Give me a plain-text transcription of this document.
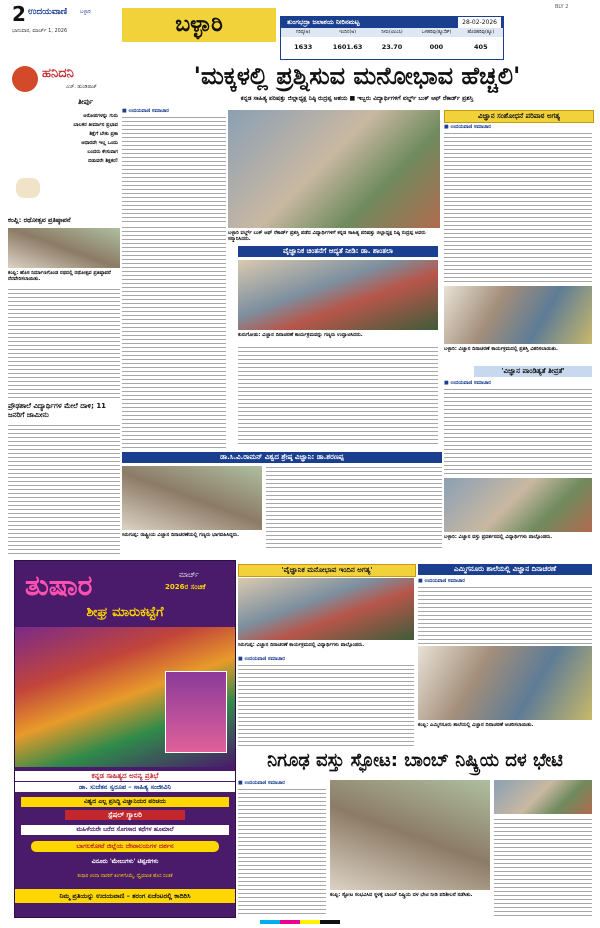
2 ಉದಯವಾಣಿ	ಬಳ್ಳಾರಿ
ಭಾನುವಾರ, ಮಾರ್ಚ್ 1, 2026	ಬಳ್ಳಾರಿ
BLY 2
ತುಂಗಭದ್ರಾ ಜಲಾಶಯ ನೀರಿನಮಟ್ಟ	28-02-2026
ಗರಿಷ್ಠ(ಅ)	ಇಂದಿನ(ಅ)	ನೀರು(ಟಿಎಂಸಿ)	ಒಳಹರಿವು(ಕ್ಯೂಸೆಕ್)	ಹೊರಹರಿವು(ಕ್ಯೂ)
1633	1601.63	23.70	000	405
ಹನಿದನಿ
ಎಚ್. ಡುಂಡಿರಾಜ್
ತೀರ್ಪು
ಆರೋಪಗಳನ್ನು ಗುರು
ಬಾಲಕರ ತೀರ್ಮಾನ ಪ್ರಭಾವ
ಶಿಕ್ಷೆಗೆ ಬೇಕು ಪ್ರಕಾ
ಆಧಾರವೇ ಇಲ್ಲ ಒಂದು
ಬಂದರು ಕೇಸುವಾಗ
ಬಿಡುವರೇ ಶಿಕ್ಷಕರ!
ಕಂಪ್ಲಿ: ರಥೋತ್ಸವ ಪ್ರತಿಷ್ಠಾಪನೆ
ಕಂಪ್ಲಿ: ಹೊಸ ನಿರ್ಮಾಣಗೊಂಡ ರಥದಲ್ಲಿ ರಥೋತ್ಸವ ಪ್ರತಿಷ್ಠಾಪನೆ ನೆರವೇರಿಸಲಾಯಿತು.
ಪ್ರೌಢಶಾಲೆ ವಿದ್ಯಾರ್ಥಿಗಳ ಮೇಲೆ ದಾಳಿ; 11 ಜನರಿಗೆ ಜಾಮೀನು
'ಮಕ್ಕಳಲ್ಲಿ ಪ್ರಶ್ನಿಸುವ ಮನೋಭಾವ ಹೆಚ್ಚಲಿ'
ಕನ್ನಡ ಸಾಹಿತ್ಯ ಪರಿಷತ್ತು ಜಿಲ್ಲಾಧ್ಯಕ್ಷ ನಿಷ್ಠಿ ರುದ್ರಪ್ಪ ಆಶಯ ■ ಇಬ್ಬರು ವಿದ್ಯಾರ್ಥಿಗಳಿಗೆ ವರ್ಲ್ಡ್ ಬುಕ್ ಆಫ್ ರೆಕಾರ್ಡ್ ಪ್ರಶಸ್ತಿ
■ ಉದಯವಾಣಿ ಸಮಾಚಾರ
ಬಳ್ಳಾರಿ ವರ್ಲ್ಡ್ ಬುಕ್ ಆಫ್ ರೆಕಾರ್ಡ್ ಪ್ರಶಸ್ತಿ ಪಡೆದ ವಿದ್ಯಾರ್ಥಿಗಳಿಗೆ ಕನ್ನಡ ಸಾಹಿತ್ಯ ಪರಿಷತ್ತು ಜಿಲ್ಲಾಧ್ಯಕ್ಷ ನಿಷ್ಠಿ ರುದ್ರಪ್ಪ ಅವರು ಸನ್ಮಾನಿಸಿದರು.
ವಿಜ್ಞಾನ ಸಂಶೋಧನೆ ಪರಿಪಾಠ ಅಗತ್ಯ
■ ಉದಯವಾಣಿ ಸಮಾಚಾರ
ವೈಜ್ಞಾನಿಕ ಚಿಂತನೆಗೆ ಆದ್ಯತೆ ನೀಡಿ: ಡಾ. ಶಾಂತಲಾ
ಕುರುಗೋಡು: ವಿಜ್ಞಾನ ದಿನಾಚರಣೆ ಕಾರ್ಯಕ್ರಮವನ್ನು ಗಣ್ಯರು ಉದ್ಘಾಟಿಸಿದರು.
ಬಳ್ಳಾರಿ: ವಿಜ್ಞಾನ ದಿನಾಚರಣೆ ಕಾರ್ಯಕ್ರಮದಲ್ಲಿ ಪ್ರಶಸ್ತಿ ವಿತರಿಸಲಾಯಿತು.
'ವಿಜ್ಞಾನ ಪಾಂಡಿತ್ಯತೆ ತೀವ್ರತೆ'
■ ಉದಯವಾಣಿ ಸಮಾಚಾರ
ಬಳ್ಳಾರಿ: ವಿಜ್ಞಾನ ವಸ್ತು ಪ್ರದರ್ಶನದಲ್ಲಿ ವಿದ್ಯಾರ್ಥಿಗಳು ಪಾಲ್ಗೊಂಡರು.
ಡಾ.ಸಿ.ವಿ.ರಾಮನ್ ವಿಶ್ವದ ಶ್ರೇಷ್ಠ ವಿಜ್ಞಾನಿ: ಡಾ.ಶರಣಪ್ಪ
ಸಿರುಗುಪ್ಪ: ರಾಷ್ಟ್ರೀಯ ವಿಜ್ಞಾನ ದಿನಾಚರಣೆಯಲ್ಲಿ ಗಣ್ಯರು ಭಾಗವಹಿಸಿದ್ದರು.
ತುಷಾರ	ಮಾರ್ಚ್
2026ರ ಸಂಚಿಕೆ
ಶೀಘ್ರ ಮಾರುಕಟ್ಟೆಗೆ
ಕನ್ನಡ ಸಾಹಿತ್ಯದ ಅನನ್ಯ ಪ್ರತಿಭೆ
ಡಾ. ಸುಜೆತನ ಸ್ವರೂಪ – ಸಾಹಿತ್ಯ ಸಂಜೀವಿನಿ
ವಿಶ್ವದ ಎಲ್ಲ ಪ್ರಸಿದ್ಧಿ ವಿಜ್ಞಾನಿಯರ ಪರಿಚಯ
ಸ್ಪೆಷಲ್ ಗ್ಯಾಲರಿ
ಮಹಿಳೆಯರೇ ಬರೆದ ಸೊಗಸಾದ ಕಥೆಗಳ ಹೂಮಾಲೆ
ಬಾಗಲಕೋಟೆ ಜಿಲ್ಲೆಯ ದೇವಾಲಯಗಳ ದರ್ಶನ
ವಿನೂರು 'ಮೇಲುಗಳು' ಟಿಪ್ಪಣಿಗಳು
ತುಷಾರ ಚಂದಾ ದಾರರಿಗೆ ತಿಂಗಳಿಗೊಮ್ಮೆ, ದ್ವೈಮಾಸಿಕ ಹೊಸ ಸಂಚಿಕೆ
ನಿಮ್ಮ ಪ್ರತಿಯನ್ನು ಉದಯವಾಣಿ – ತರಂಗ ಏಜೆಂಟರಲ್ಲಿ ಕಾದಿರಿಸಿ
'ವೈಜ್ಞಾನಿಕ ಮನೋಭಾವ ಇಂದಿನ ಅಗತ್ಯ'
ಸಿರುಗುಪ್ಪ: ವಿಜ್ಞಾನ ದಿನಾಚರಣೆ ಕಾರ್ಯಕ್ರಮದಲ್ಲಿ ವಿದ್ಯಾರ್ಥಿಗಳು ಪಾಲ್ಗೊಂಡರು.
■ ಉದಯವಾಣಿ ಸಮಾಚಾರ
ಎಮ್ಮಿಗನೂರು ಶಾಲೆಯಲ್ಲಿ ವಿಜ್ಞಾನ ದಿನಾಚರಣೆ
■ ಉದಯವಾಣಿ ಸಮಾಚಾರ
ಕಂಪ್ಲಿ: ಎಮ್ಮಿಗನೂರು ಶಾಲೆಯಲ್ಲಿ ವಿಜ್ಞಾನ ದಿನಾಚರಣೆ ಆಚರಿಸಲಾಯಿತು.
ನಿಗೂಢ ವಸ್ತು ಸ್ಫೋಟ: ಬಾಂಬ್ ನಿಷ್ಕ್ರಿಯ ದಳ ಭೇಟಿ
■ ಉದಯವಾಣಿ ಸಮಾಚಾರ
ಕಂಪ್ಲಿ: ಸ್ಫೋಟ ಸಂಭವಿಸಿದ ಸ್ಥಳಕ್ಕೆ ಬಾಂಬ್ ನಿಷ್ಕ್ರಿಯ ದಳ ಭೇಟಿ ನೀಡಿ ಪರಿಶೀಲನೆ ನಡೆಸಿತು.
